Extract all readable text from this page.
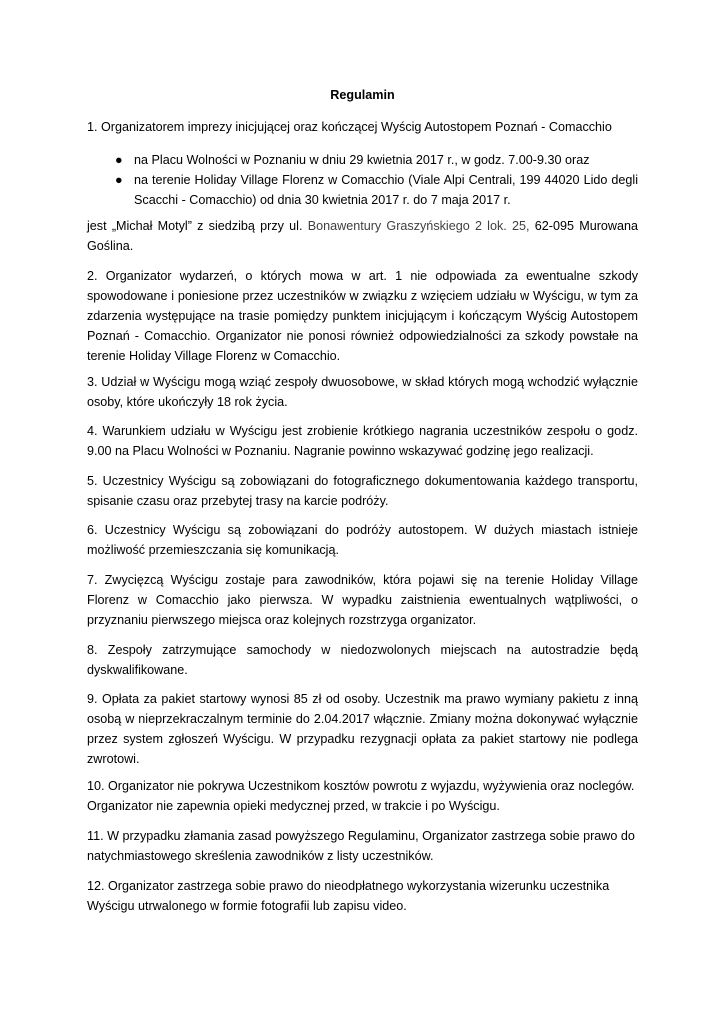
Regulamin
1. Organizatorem imprezy inicjującej oraz kończącej Wyścig Autostopem Poznań - Comacchio
● na Placu Wolności w Poznaniu w dniu 29 kwietnia 2017 r., w godz. 7.00-9.30 oraz
● na terenie Holiday Village Florenz w Comacchio (Viale Alpi Centrali, 199 44020 Lido degli Scacchi - Comacchio) od dnia 30 kwietnia 2017 r. do 7 maja 2017 r.
jest „Michał Motyl” z siedzibą przy ul. Bonawentury Graszyńskiego 2 lok. 25, 62-095 Murowana Goślina.
2. Organizator wydarzeń, o których mowa w art. 1 nie odpowiada za ewentualne szkody spowodowane i poniesione przez uczestników w związku z wzięciem udziału w Wyścigu, w tym za zdarzenia występujące na trasie pomiędzy punktem inicjującym i kończącym Wyścig Autostopem Poznań - Comacchio. Organizator nie ponosi również odpowiedzialności za szkody powstałe na terenie Holiday Village Florenz w Comacchio.
3. Udział w Wyścigu mogą wziąć zespoły dwuosobowe, w skład których mogą wchodzić wyłącznie osoby, które ukończyły 18 rok życia.
4. Warunkiem udziału w Wyścigu jest zrobienie krótkiego nagrania uczestników zespołu o godz. 9.00 na Placu Wolności w Poznaniu. Nagranie powinno wskazywać godzinę jego realizacji.
5. Uczestnicy Wyścigu są zobowiązani do fotograficznego dokumentowania każdego transportu, spisanie czasu oraz przebytej trasy na karcie podróży.
6. Uczestnicy Wyścigu są zobowiązani do podróży autostopem. W dużych miastach istnieje możliwość przemieszczania się komunikacją.
7. Zwycięzcą Wyścigu zostaje para zawodników, która pojawi się na terenie Holiday Village Florenz w Comacchio jako pierwsza. W wypadku zaistnienia ewentualnych wątpliwości, o przyznaniu pierwszego miejsca oraz kolejnych rozstrzyga organizator.
8. Zespoły zatrzymujące samochody w niedozwolonych miejscach na autostradzie będą dyskwalifikowane.
9. Opłata za pakiet startowy wynosi 85 zł od osoby. Uczestnik ma prawo wymiany pakietu z inną osobą w nieprzekraczalnym terminie do 2.04.2017 włącznie. Zmiany można dokonywać wyłącznie przez system zgłoszeń Wyścigu. W przypadku rezygnacji opłata za pakiet startowy nie podlega zwrotowi.

10. Organizator nie pokrywa Uczestnikom kosztów powrotu z wyjazdu, wyżywienia oraz noclegów.

Organizator nie zapewnia opieki medycznej przed, w trakcie i po Wyścigu.

11. W przypadku złamania zasad powyższego Regulaminu, Organizator zastrzega sobie prawo do

natychmiastowego skreślenia zawodników z listy uczestników.

12. Organizator zastrzega sobie prawo do nieodpłatnego wykorzystania wizerunku uczestnika

Wyścigu utrwalonego w formie fotografii lub zapisu video.
